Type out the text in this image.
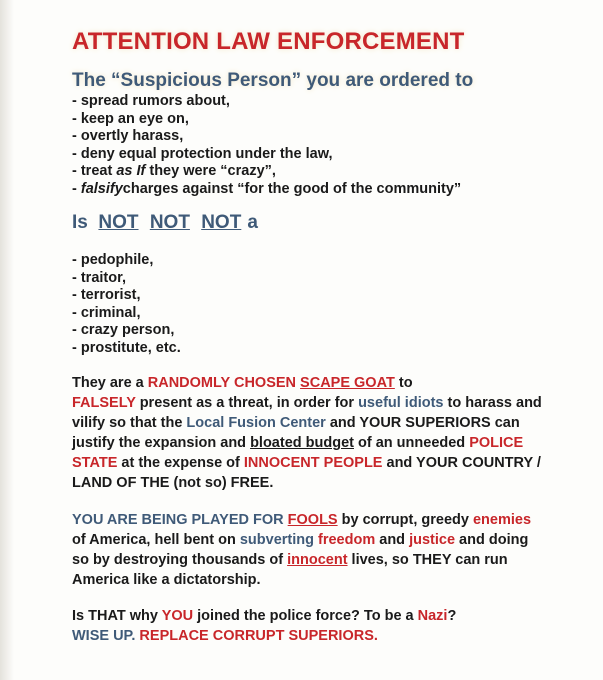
ATTENTION LAW ENFORCEMENT
The “Suspicious Person” you are ordered to
- spread rumors about,
- keep an eye on,
- overtly harass,
- deny equal protection under the law,
- treat as If they were “crazy”,
- falsifycharges against “for the good of the community”
Is NOT NOT NOT a
- pedophile,
- traitor,
- terrorist,
- criminal,
- crazy person,
- prostitute, etc.

They are a RANDOMLY CHOSEN SCAPE GOAT to
FALSELY present as a threat, in order for useful idiots to harass and vilify so that the Local Fusion Center and YOUR SUPERIORS can justify the expansion and bloated budget of an unneeded POLICE STATE at the expense of INNOCENT PEOPLE and YOUR COUNTRY / LAND OF THE (not so) FREE.

YOU ARE BEING PLAYED FOR FOOLS by corrupt, greedy enemies of America, hell bent on subverting freedom and justice and doing so by destroying thousands of innocent lives, so THEY can run America like a dictatorship.

Is THAT why YOU joined the police force? To be a Nazi?
WISE UP. REPLACE CORRUPT SUPERIORS.
